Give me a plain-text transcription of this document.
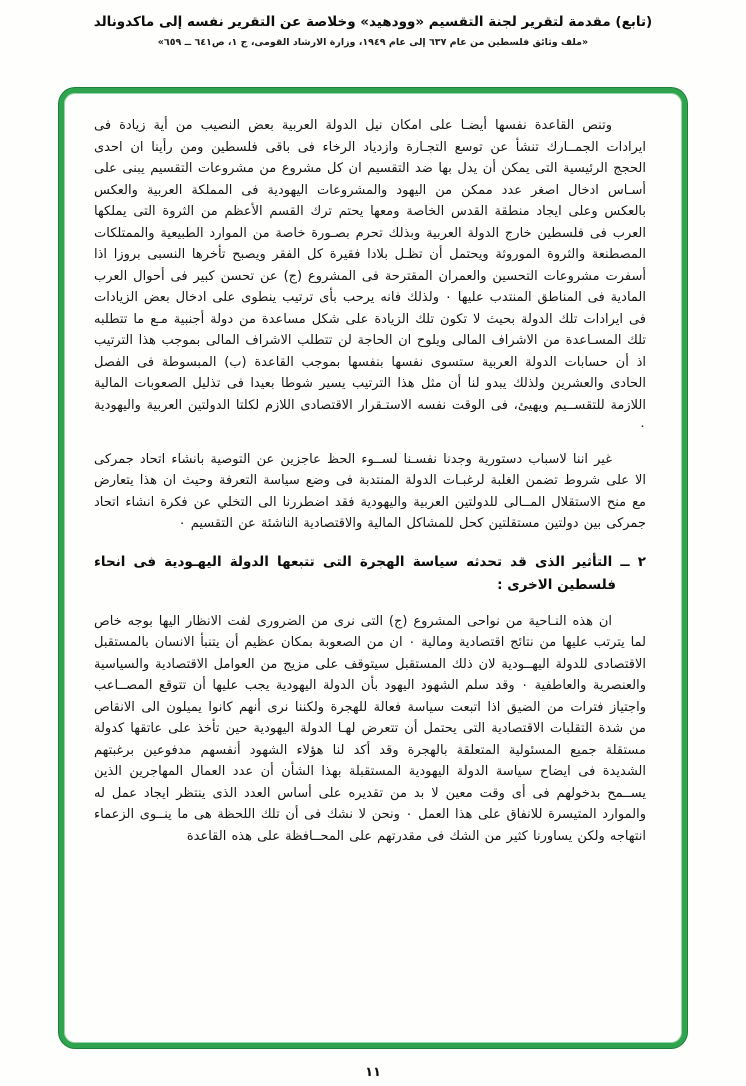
(تابع) مقدمة لتقرير لجنة التقسيم «وودهيد» وخلاصة عن التقرير نفسه إلى ماكدونالد
«ملف وثائق فلسطين من عام ٦٣٧ إلى عام ١٩٤٩، وزارة الارشاد القومى، ج ١، ص٦٤١ ــ ٦٥٩»

وتنص القاعدة نفسها أيضـا على امكان نيل الدولة العربية بعض النصيب من أية زيادة فى ايرادات الجمــارك تنشأ عن توسع التجـارة وازدياد الرخاء فى باقى فلسطين ومن رأينا ان احدى الحجج الرئيسية التى يمكن أن يدل بها ضد التقسيم ان كل مشروع من مشروعات التقسيم يبنى على أسـاس ادخال اصغر عدد ممكن من اليهود والمشروعات اليهودية فى المملكة العربية والعكس بالعكس وعلى ايجاد منطقة القدس الخاصة ومعها يحتم ترك القسم الأعظم من الثروة التى يملكها العرب فى فلسطين خارج الدولة العربية وبذلك تحرم بصـورة خاصة من الموارد الطبيعية والممتلكات المصطنعة والثروة الموروثة ويحتمل أن تظـل بلادا فقيرة كل الفقر ويصبح تأخرها النسبى بروزا اذا أسفرت مشروعات التحسين والعمران المقترحة فى المشروع (ج) عن تحسن كبير فى أحوال العرب المادية فى المناطق المنتدب عليها ٠ ولذلك فانه يرحب بأى ترتيب ينطوى على ادخال بعض الزيادات فى ايرادات تلك الدولة بحيث لا تكون تلك الزيادة على شكل مساعدة من دولة أجنبية مـع ما تتطلبه تلك المسـاعدة من الاشراف المالى ويلوح ان الحاجة لن تتطلب الاشراف المالى بموجب هذا الترتيب اذ أن حسابات الدولة العربية ستسوى نفسها بنفسها بموجب القاعدة (ب) المبسوطة فى الفصل الحادى والعشرين ولذلك يبدو لنا أن مثل هذا الترتيب يسير شوطا بعيدا فى تذليل الصعوبات المالية اللازمة للتقســيم ويهيئ، فى الوقت نفسه الاستـقرار الاقتصادى اللازم لكلتا الدولتين العربية واليهودية ٠

غير اننا لاسباب دستورية وجدنا نفسـنا لســوء الحظ عاجزين عن التوصية بانشاء اتحاد جمركى الا على شروط تضمن الغلبة لرغبـات الدولة المنتدبة فى وضع سياسة التعرفة وحيث ان هذا يتعارض مع منح الاستقلال المــالى للدولتين العربية واليهودية فقد اضطررنا الى التخلي عن فكرة انشاء اتحاد جمركى بين دولتين مستقلتين كحل للمشاكل المالية والاقتصادية الناشئة عن التقسيم ٠

٢ ــ التأثير الذى قد تحدثه سياسة الهجرة التى تتبعها الدولة اليهـودية فى انحاء فلسطين الاخرى :

ان هذه النـاحية من نواحى المشروع (ج) التى نرى من الضرورى لفت الانظار اليها بوجه خاص لما يترتب عليها من نتائج اقتصادية ومالية ٠ ان من الصعوبة بمكان عظيم أن يتنبأ الانسان بالمستقبل الاقتصادى للدولة اليهــودية لان ذلك المستقبل سيتوقف على مزيج من العوامل الاقتصادية والسياسية والعنصرية والعاطفية ٠ وقد سلم الشهود اليهود بأن الدولة اليهودية يجب عليها أن تتوقع المصــاعب واجتياز فترات من الضيق اذا اتبعت سياسة فعالة للهجرة ولكننا نرى أنهم كانوا يميلون الى الانقاص من شدة التقلبات الاقتصادية التى يحتمل أن تتعرض لهـا الدولة اليهودية حين تأخذ على عاتقها كدولة مستقلة جميع المسئولية المتعلقة بالهجرة وقد أكد لنا هؤلاء الشهود أنفسهم مدفوعين برغبتهم الشديدة فى ايضاح سياسة الدولة اليهودية المستقبلة بهذا الشأن أن عدد العمال المهاجرين الذين يســمح بدخولهم فى أى وقت معين لا بد من تقديره على أساس العدد الذى ينتظر ايجاد عمل له والموارد المتيسرة للانفاق على هذا العمل ٠ ونحن لا نشك فى أن تلك اللحظة هى ما ينــوى الزعماء انتهاجه ولكن يساورنا كثير من الشك فى مقدرتهم على المحــافظة على هذه القاعدة

١١
